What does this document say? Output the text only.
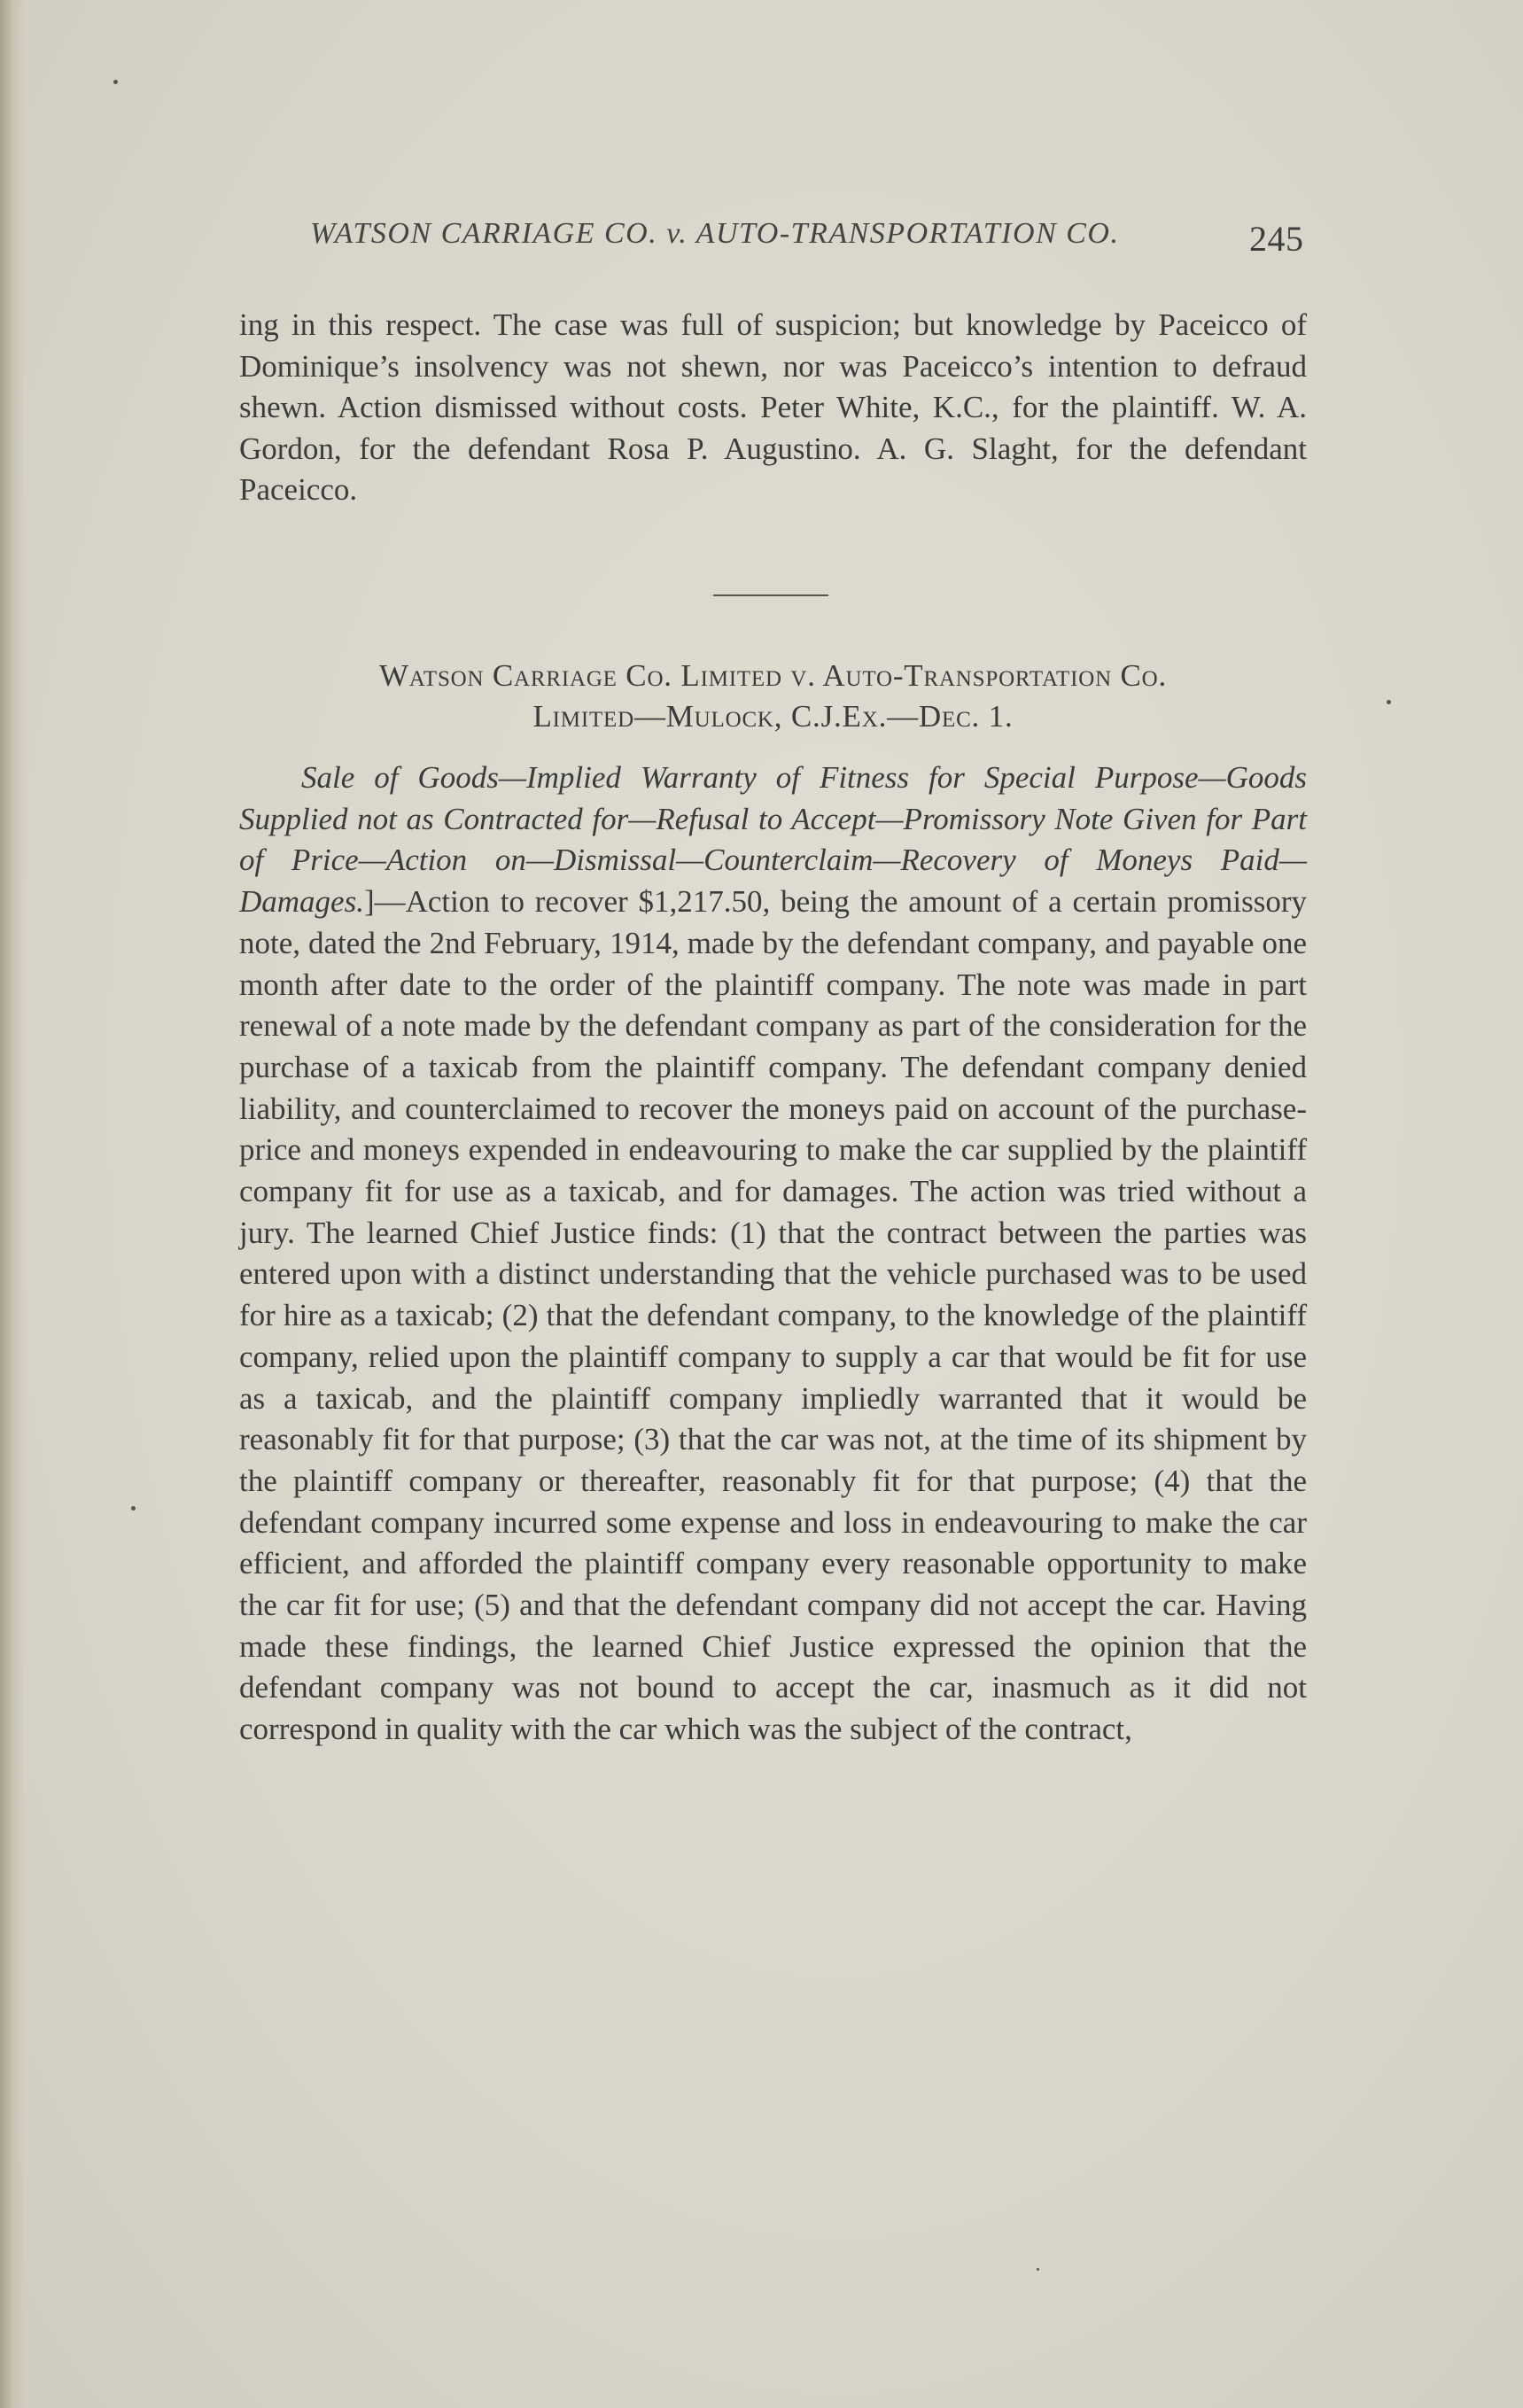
WATSON CARRIAGE CO. v. AUTO-TRANSPORTATION CO.	245

ing in this respect. The case was full of suspicion; but knowledge by Paceicco of Dominique’s insolvency was not shewn, nor was Paceicco’s intention to defraud shewn. Action dismissed without costs. Peter White, K.C., for the plaintiff. W. A. Gordon, for the defendant Rosa P. Augustino. A. G. Slaght, for the defendant Paceicco.

Watson Carriage Co. Limited v. Auto-Transportation Co.
Limited—Mulock, C.J.Ex.—Dec. 1.

Sale of Goods—Implied Warranty of Fitness for Special Purpose—Goods Supplied not as Contracted for—Refusal to Accept—Promissory Note Given for Part of Price—Action on—Dismissal—Counterclaim—Recovery of Moneys Paid—Damages.]—Action to recover $1,217.50, being the amount of a certain promissory note, dated the 2nd February, 1914, made by the defendant company, and payable one month after date to the order of the plaintiff company. The note was made in part renewal of a note made by the defendant company as part of the consideration for the purchase of a taxicab from the plaintiff company. The defendant company denied liability, and counterclaimed to recover the moneys paid on account of the purchase-price and moneys expended in endeavouring to make the car supplied by the plaintiff company fit for use as a taxicab, and for damages. The action was tried without a jury. The learned Chief Justice finds: (1) that the contract between the parties was entered upon with a distinct understanding that the vehicle purchased was to be used for hire as a taxicab; (2) that the defendant company, to the knowledge of the plaintiff company, relied upon the plaintiff company to supply a car that would be fit for use as a taxicab, and the plaintiff company impliedly warranted that it would be reasonably fit for that purpose; (3) that the car was not, at the time of its shipment by the plaintiff company or thereafter, reasonably fit for that purpose; (4) that the defendant company incurred some expense and loss in endeavouring to make the car efficient, and afforded the plaintiff company every reasonable opportunity to make the car fit for use; (5) and that the defendant company did not accept the car. Having made these findings, the learned Chief Justice expressed the opinion that the defendant company was not bound to accept the car, inasmuch as it did not correspond in quality with the car which was the subject of the contract,
